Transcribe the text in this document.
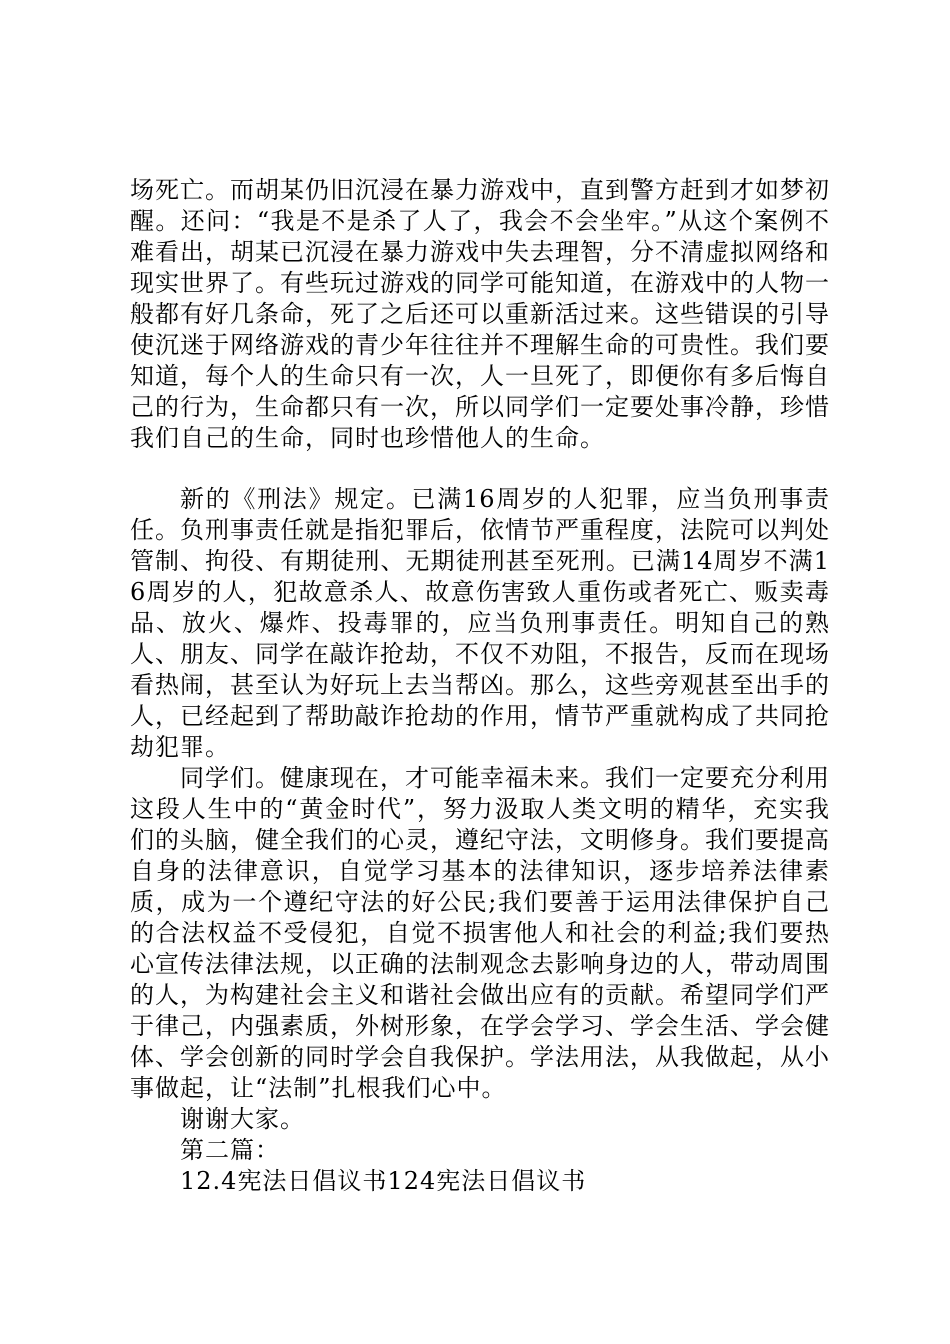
场死亡。而胡某仍旧沉浸在暴力游戏中，直到警方赶到才如梦初醒。还问：“我是不是杀了人了，我会不会坐牢。”从这个案例不难看出，胡某已沉浸在暴力游戏中失去理智，分不清虚拟网络和现实世界了。有些玩过游戏的同学可能知道，在游戏中的人物一般都有好几条命，死了之后还可以重新活过来。这些错误的引导使沉迷于网络游戏的青少年往往并不理解生命的可贵性。我们要知道，每个人的生命只有一次，人一旦死了，即便你有多后悔自己的行为，生命都只有一次，所以同学们一定要处事冷静，珍惜我们自己的生命，同时也珍惜他人的生命。

新的《刑法》规定。已满16周岁的人犯罪，应当负刑事责任。负刑事责任就是指犯罪后，依情节严重程度，法院可以判处管制、拘役、有期徒刑、无期徒刑甚至死刑。已满14周岁不满16周岁的人，犯故意杀人、故意伤害致人重伤或者死亡、贩卖毒品、放火、爆炸、投毒罪的，应当负刑事责任。明知自己的熟人、朋友、同学在敲诈抢劫，不仅不劝阻，不报告，反而在现场看热闹，甚至认为好玩上去当帮凶。那么，这些旁观甚至出手的人，已经起到了帮助敲诈抢劫的作用，情节严重就构成了共同抢劫犯罪。

同学们。健康现在，才可能幸福未来。我们一定要充分利用这段人生中的“黄金时代”，努力汲取人类文明的精华，充实我们的头脑，健全我们的心灵，遵纪守法，文明修身。我们要提高自身的法律意识，自觉学习基本的法律知识，逐步培养法律素质，成为一个遵纪守法的好公民;我们要善于运用法律保护自己的合法权益不受侵犯，自觉不损害他人和社会的利益;我们要热心宣传法律法规，以正确的法制观念去影响身边的人，带动周围的人，为构建社会主义和谐社会做出应有的贡献。希望同学们严于律己，内强素质，外树形象，在学会学习、学会生活、学会健体、学会创新的同时学会自我保护。学法用法，从我做起，从小事做起，让“法制”扎根我们心中。

谢谢大家。

第二篇：

12.4宪法日倡议书124宪法日倡议书
